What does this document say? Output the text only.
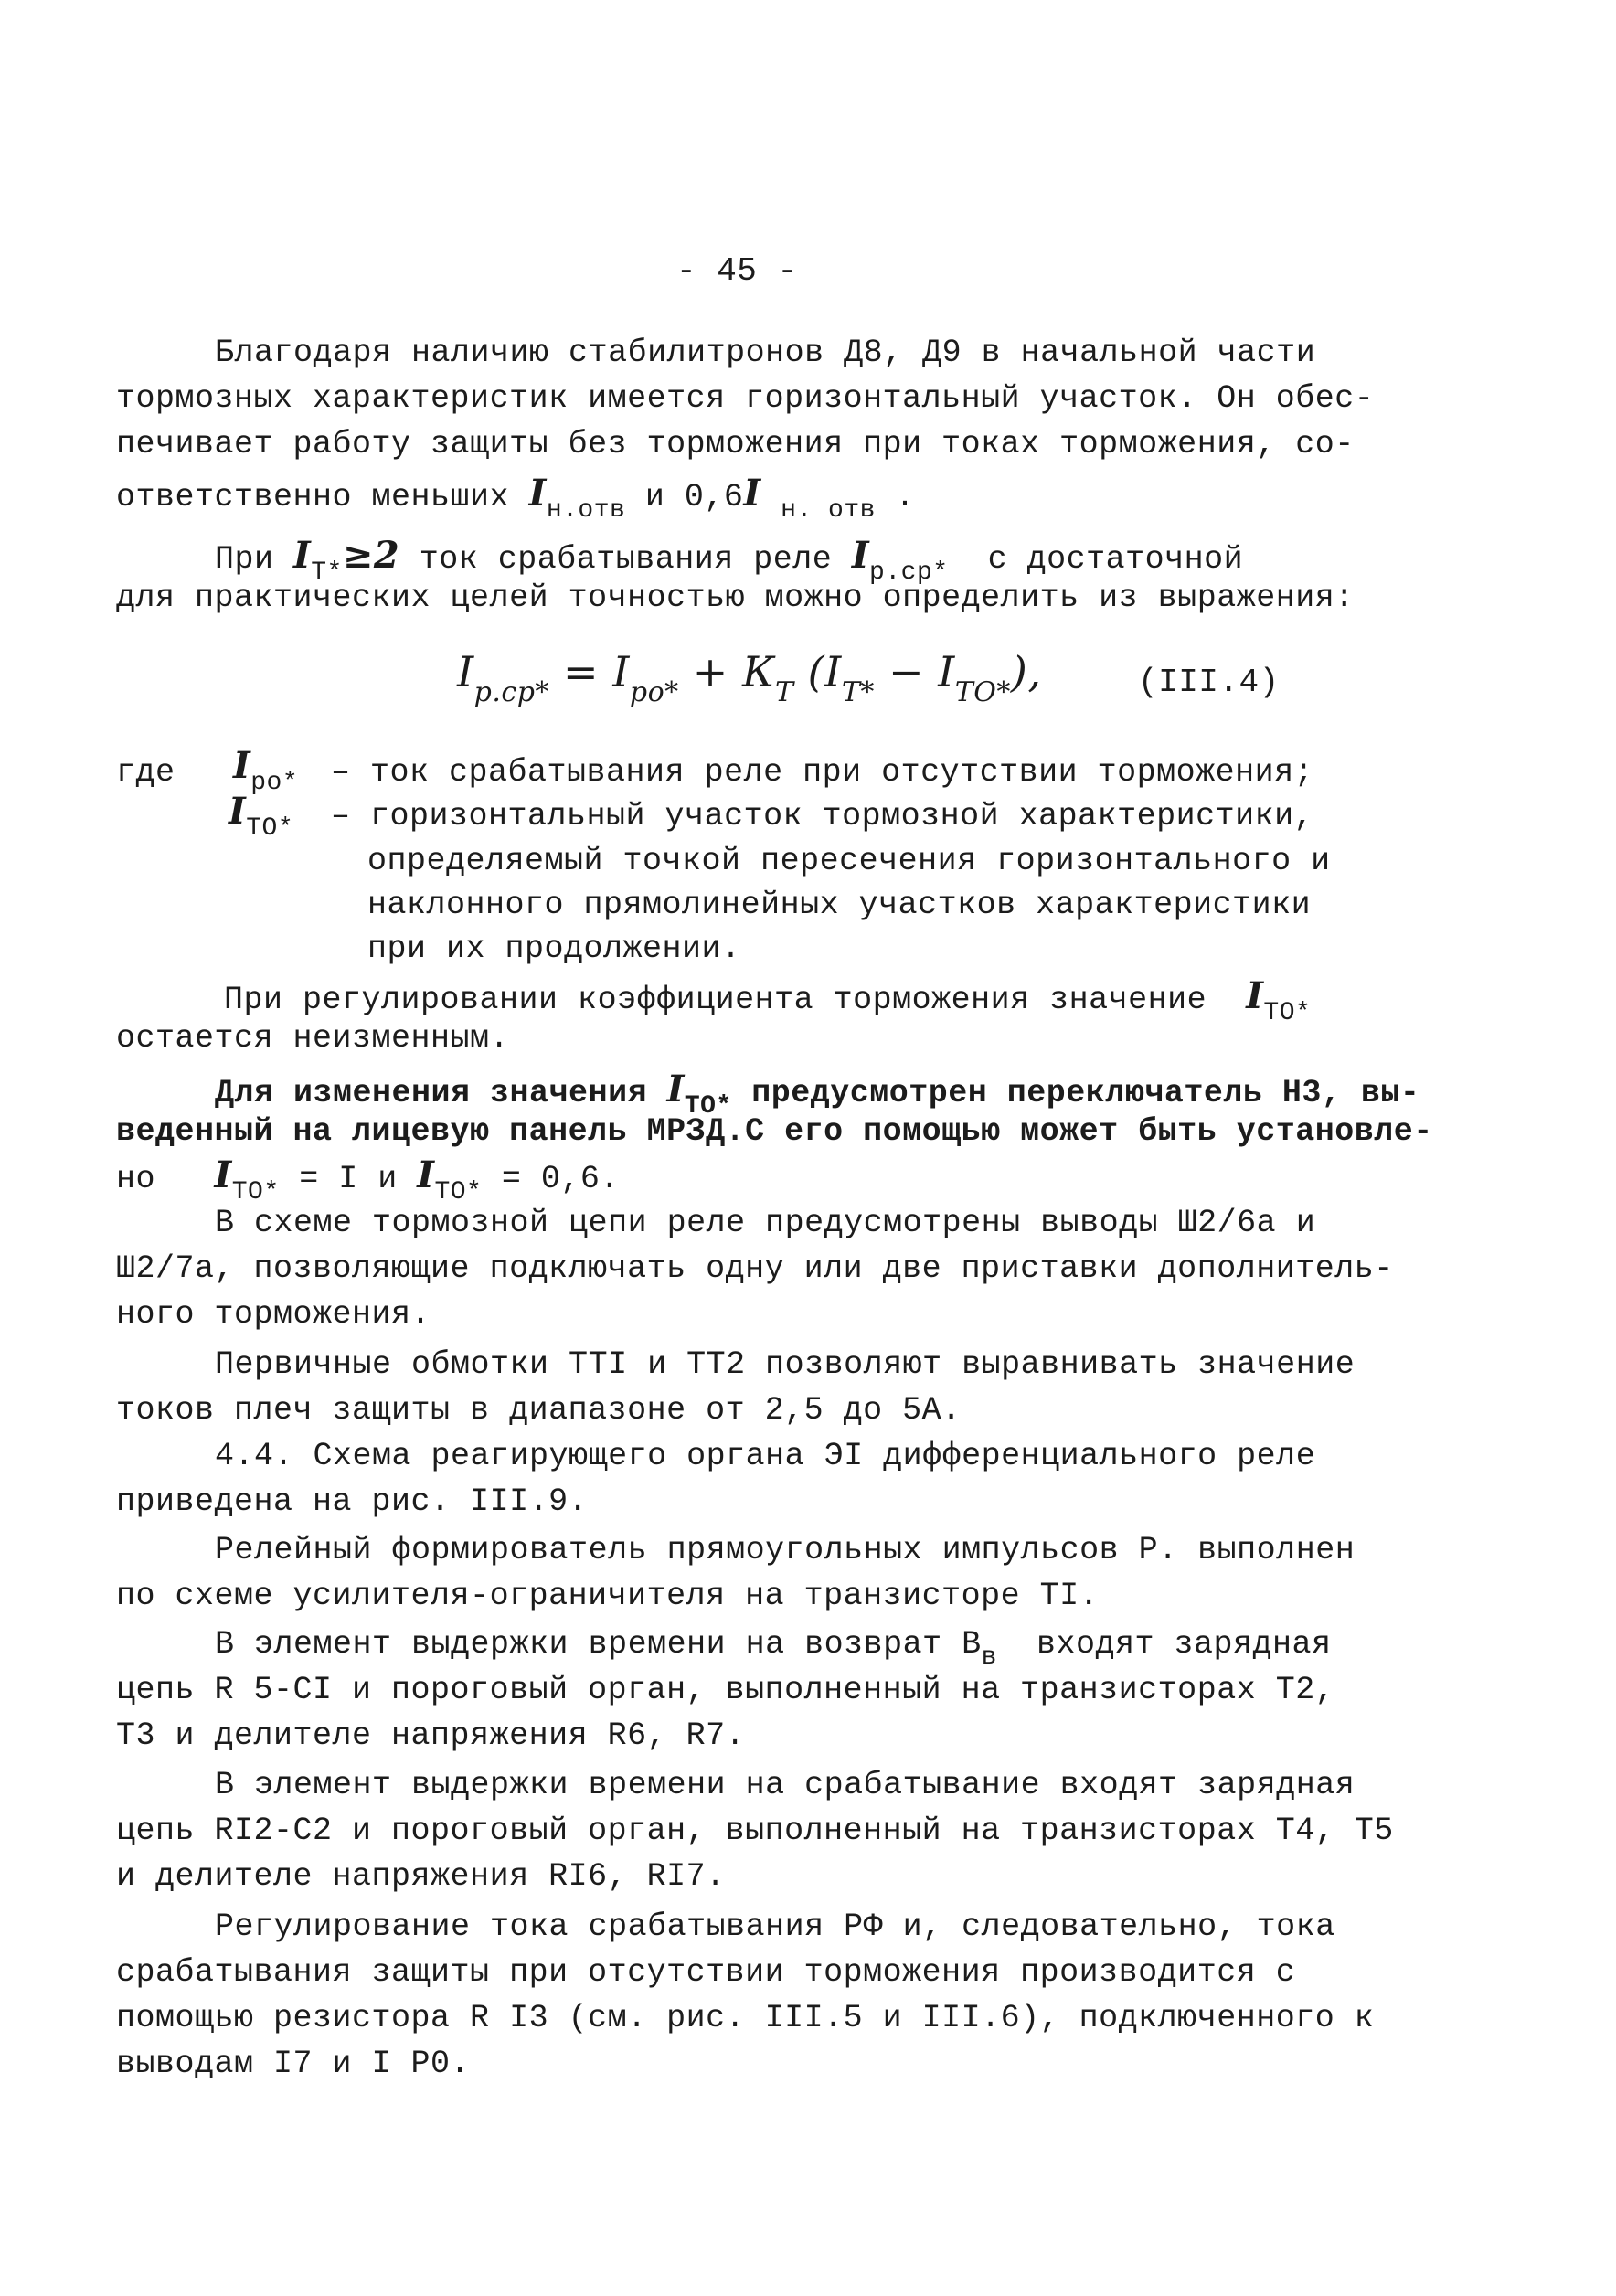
- 45 -
Благодаря наличию стабилитронов Д8, Д9 в начальной части
тормозных характеристик имеется горизонтальный участок. Он обес-
печивает работу защиты без торможения при токах торможения, со-
ответственно меньших $I_{н.отв}$ и 0,6I $_{н. отв}$ .
При $I_{Т*}\ge 2$ ток срабатывания реле $I_{р.ср*}$ с достаточной
для практических целей точностью можно определить из выражения:
$I_{р.ср*} = I_{ро*} + К_Т$ $(I_{Т*} - I_{ТО*})$,	(III.4)
где $I_{ро*}$ – ток срабатывания реле при отсутствии торможения;
$I_{ТО*}$ – горизонтальный участок тормозной характеристики,
определяемый точкой пересечения горизонтального и
наклонного прямолинейных участков характеристики
при их продолжении.
При регулировании коэффициента торможения значение $I_{ТО*}$
остается неизменным.
Для изменения значения $I_{ТО*}$ предусмотрен переключатель Н3, вы-
веденный на лицевую панель МРЗД.С его помощью может быть установле-
но $I_{ТО*} = I$ и $I_{ТО*} = 0,6$.
В схеме тормозной цепи реле предусмотрены выводы Ш2/6а и
Ш2/7а, позволяющие подключать одну или две приставки дополнитель-
ного торможения.
Первичные обмотки ТТI и ТТ2 позволяют выравнивать значение
токов плеч защиты в диапазоне от 2,5 до 5А.
4.4. Схема реагирующего органа ЭI дифференциального реле
приведена на рис. III.9.
Релейный формирователь прямоугольных импульсов Р. выполнен
по схеме усилителя-ограничителя на транзисторе ТI.
В элемент выдержки времени на возврат $В_в$ входят зарядная
цепь R 5-CI и пороговый орган, выполненный на транзисторах Т2,
Т3 и делителе напряжения R6, R7.
В элемент выдержки времени на срабатывание входят зарядная
цепь RI2-C2 и пороговый орган, выполненный на транзисторах Т4, Т5
и делителе напряжения RI6, RI7.
Регулирование тока срабатывания РФ и, следовательно, тока
срабатывания защиты при отсутствии торможения производится с
помощью резистора R I3 (см. рис. III.5 и III.6), подключенного к
выводам I7 и I Р0.
